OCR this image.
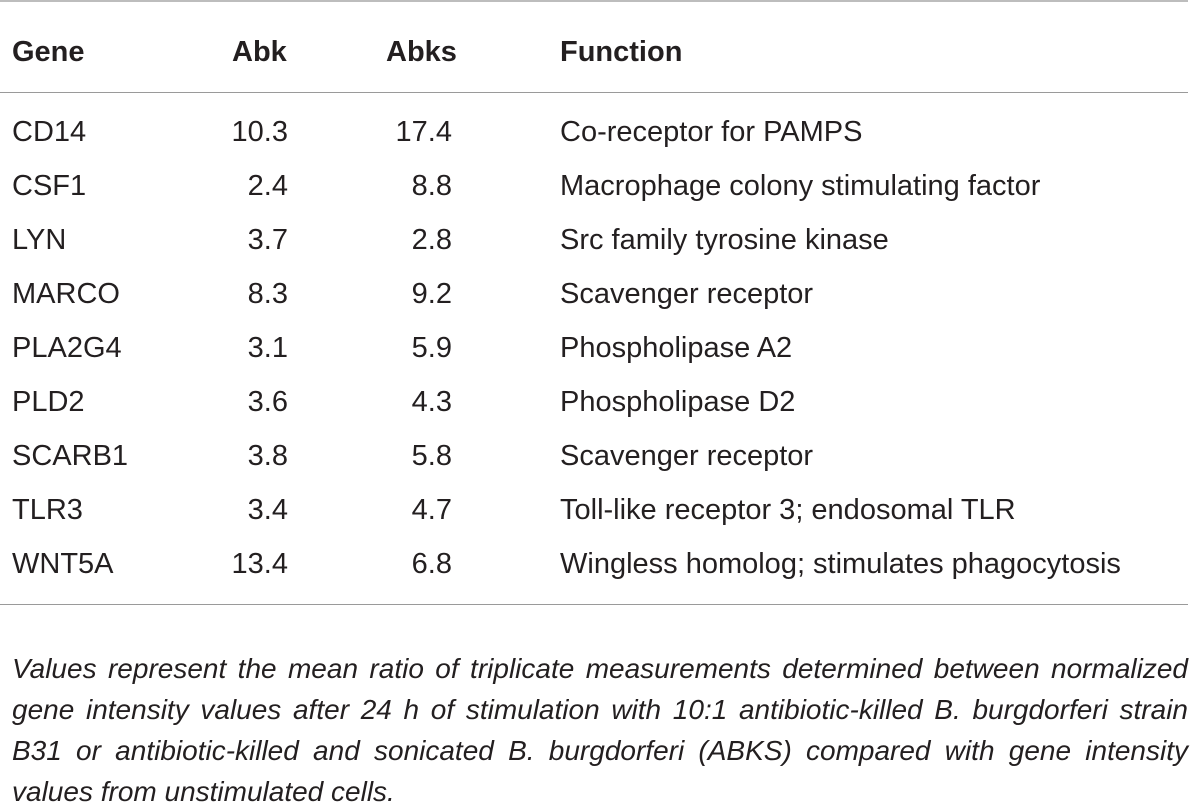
Gene	Abk	Abks	Function
CD14	10.3	17.4	Co-receptor for PAMPS
CSF1	2.4	8.8	Macrophage colony stimulating factor
LYN	3.7	2.8	Src family tyrosine kinase
MARCO	8.3	9.2	Scavenger receptor
PLA2G4	3.1	5.9	Phospholipase A2
PLD2	3.6	4.3	Phospholipase D2
SCARB1	3.8	5.8	Scavenger receptor
TLR3	3.4	4.7	Toll-like receptor 3; endosomal TLR
WNT5A	13.4	6.8	Wingless homolog; stimulates phagocytosis

Values represent the mean ratio of triplicate measurements determined between normalized gene intensity values after 24 h of stimulation with 10:1 antibiotic-killed B. burgdorferi strain B31 or antibiotic-killed and sonicated B. burgdorferi (ABKS) compared with gene intensity values from unstimulated cells.
